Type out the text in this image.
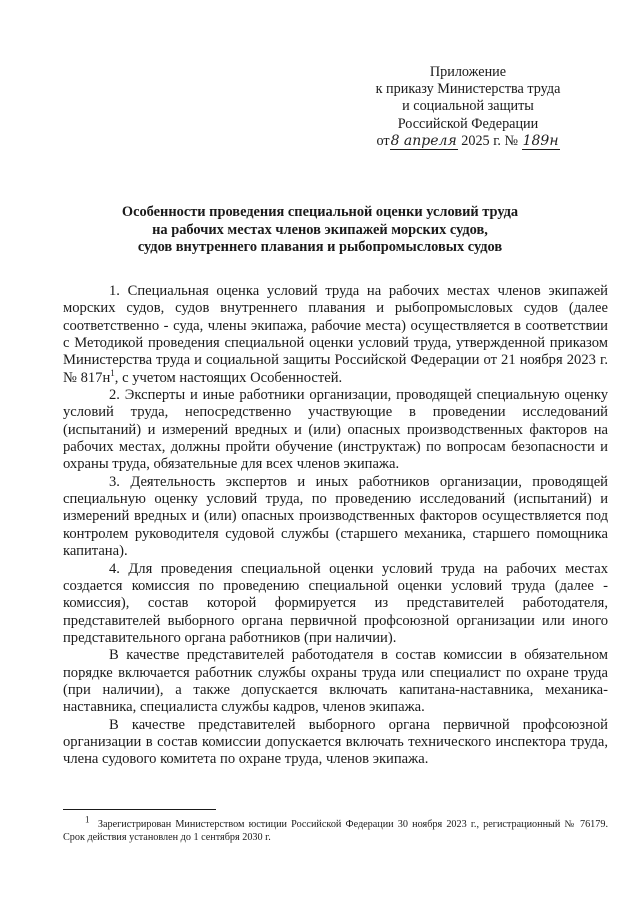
Приложение
к приказу Министерства труда
и социальной защиты
Российской Федерации
от8 апреля 2025 г. № 189н
Особенности проведения специальной оценки условий труда
на рабочих местах членов экипажей морских судов,
судов внутреннего плавания и рыбопромысловых судов

1. Специальная оценка условий труда на рабочих местах членов экипажей морских судов, судов внутреннего плавания и рыбопромысловых судов (далее соответственно - суда, члены экипажа, рабочие места) осуществляется в соответствии с Методикой проведения специальной оценки условий труда, утвержденной приказом Министерства труда и социальной защиты Российской Федерации от 21 ноября 2023 г. № $817н^1$, с учетом настоящих Особенностей.

2. Эксперты и иные работники организации, проводящей специальную оценку условий труда, непосредственно участвующие в проведении исследований (испытаний) и измерений вредных и (или) опасных производственных факторов на рабочих местах, должны пройти обучение (инструктаж) по вопросам безопасности и охраны труда, обязательные для всех членов экипажа.

3. Деятельность экспертов и иных работников организации, проводящей специальную оценку условий труда, по проведению исследований (испытаний) и измерений вредных и (или) опасных производственных факторов осуществляется под контролем руководителя судовой службы (старшего механика, старшего помощника капитана).

4. Для проведения специальной оценки условий труда на рабочих местах создается комиссия по проведению специальной оценки условий труда (далее - комиссия), состав которой формируется из представителей работодателя, представителей выборного органа первичной профсоюзной организации или иного представительного органа работников (при наличии).

В качестве представителей работодателя в состав комиссии в обязательном порядке включается работник службы охраны труда или специалист по охране труда (при наличии), а также допускается включать капитана-наставника, механика-наставника, специалиста службы кадров, членов экипажа.

В качестве представителей выборного органа первичной профсоюзной организации в состав комиссии допускается включать технического инспектора труда, члена судового комитета по охране труда, членов экипажа.

$^1$ Зарегистрирован Министерством юстиции Российской Федерации 30 ноября 2023 г., регистрационный № 76179. Срок действия установлен до 1 сентября 2030 г.
